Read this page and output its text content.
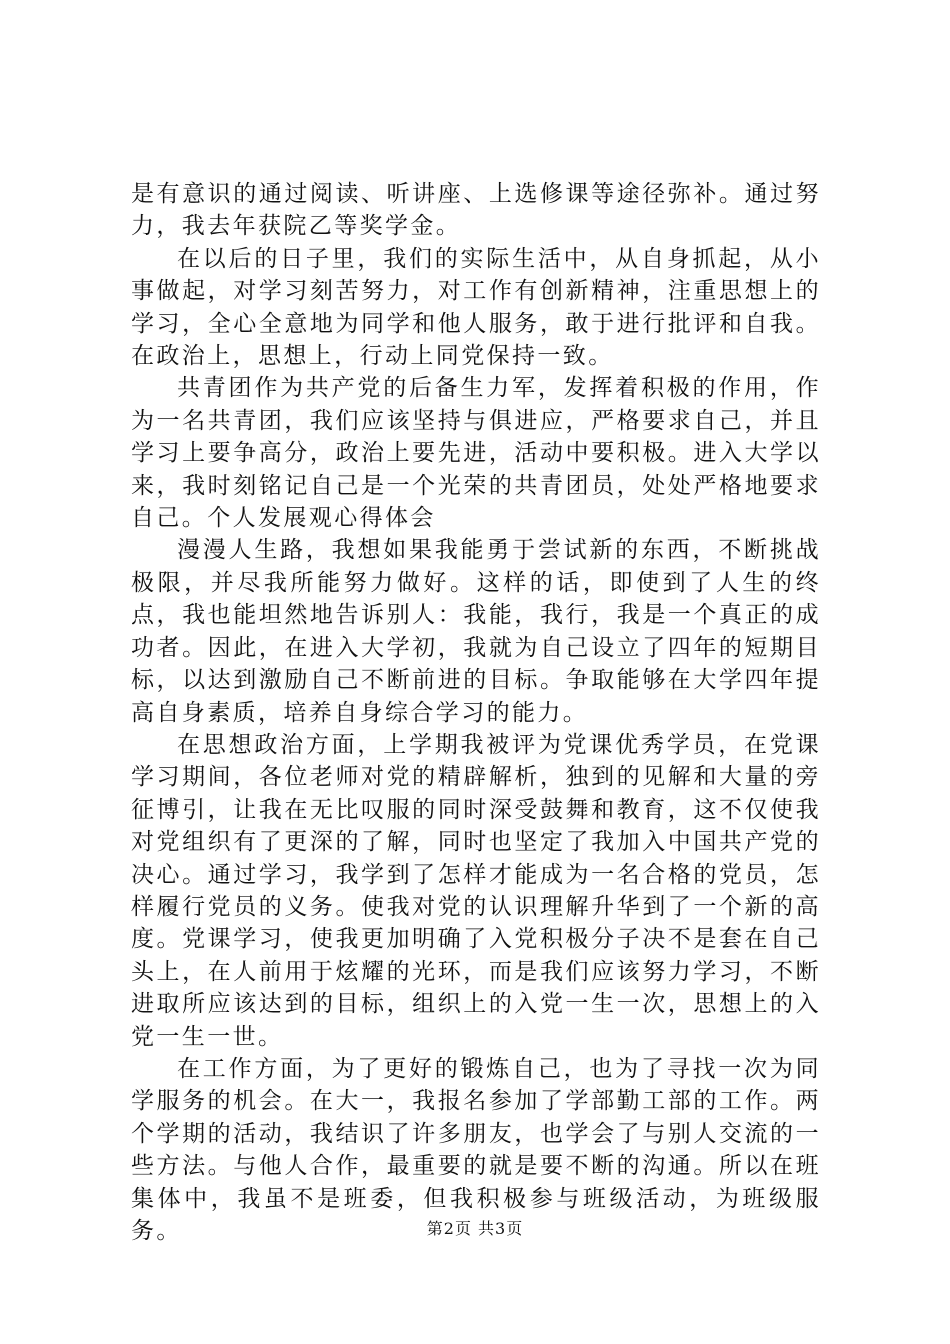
是有意识的通过阅读、听讲座、上选修课等途径弥补。通过努力，我去年获院乙等奖学金。

在以后的日子里，我们的实际生活中，从自身抓起，从小事做起，对学习刻苦努力，对工作有创新精神，注重思想上的学习，全心全意地为同学和他人服务，敢于进行批评和自我。在政治上，思想上，行动上同党保持一致。

共青团作为共产党的后备生力军，发挥着积极的作用，作为一名共青团，我们应该坚持与俱进应，严格要求自己，并且学习上要争高分，政治上要先进，活动中要积极。进入大学以来，我时刻铭记自己是一个光荣的共青团员，处处严格地要求自己。个人发展观心得体会

漫漫人生路，我想如果我能勇于尝试新的东西，不断挑战极限，并尽我所能努力做好。这样的话，即使到了人生的终点，我也能坦然地告诉别人：我能，我行，我是一个真正的成功者。因此，在进入大学初，我就为自己设立了四年的短期目标，以达到激励自己不断前进的目标。争取能够在大学四年提高自身素质，培养自身综合学习的能力。

在思想政治方面，上学期我被评为党课优秀学员，在党课学习期间，各位老师对党的精辟解析，独到的见解和大量的旁征博引，让我在无比叹服的同时深受鼓舞和教育，这不仅使我对党组织有了更深的了解，同时也坚定了我加入中国共产党的决心。通过学习，我学到了怎样才能成为一名合格的党员，怎样履行党员的义务。使我对党的认识理解升华到了一个新的高度。党课学习，使我更加明确了入党积极分子决不是套在自己头上，在人前用于炫耀的光环，而是我们应该努力学习，不断进取所应该达到的目标，组织上的入党一生一次，思想上的入党一生一世。

在工作方面，为了更好的锻炼自己，也为了寻找一次为同学服务的机会。在大一，我报名参加了学部勤工部的工作。两个学期的活动，我结识了许多朋友，也学会了与别人交流的一些方法。与他人合作，最重要的就是要不断的沟通。所以在班集体中，我虽不是班委，但我积极参与班级活动，为班级服务。	第2页 共3页
